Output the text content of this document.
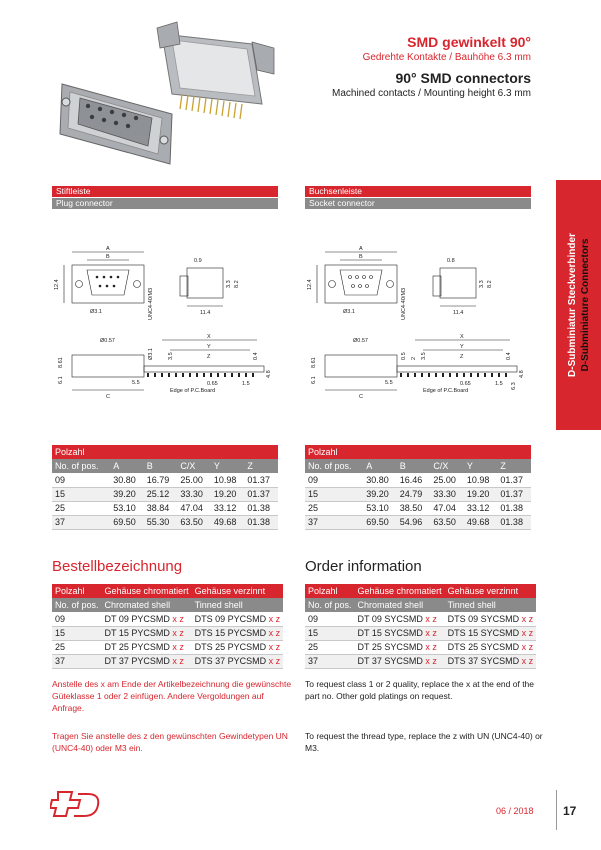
SMD gewinkelt 90°
Gedrehte Kontakte / Bauhöhe 6.3 mm
90° SMD connectors
Machined contacts / Mounting height 6.3 mm
D-Subminiatur Steckverbinder D-Subminiature Connectors
Stiftleiste
Plug connector
Buchsenleiste
Socket connector
A
B
12.4
Ø3.1	UNC4-40/M3
0.9
11.4
3.3 8.2
Ø0.57
X
Y
Z
C
8.61
6.1	5.5	0.65	1.5
Edge of P.C.Board
Ø3.1	3.5	0.4
4.8
A
B
12.4
Ø3.1	UNC4-40/M3
0.8
11.4
3.3 8.2
Ø0.57
X
Y
Z
C
8.61
6.1	5.5	0.65	1.5
Edge of P.C.Board
0.5	3.5
2	0.4
4.8
6.3
Polzahl					
No. of pos.	A	B	C/X	Y	Z
09	30.80	16.79	25.00	10.98	01.37
15	39.20	25.12	33.30	19.20	01.37
25	53.10	38.84	47.04	33.12	01.38
37	69.50	55.30	63.50	49.68	01.38
Polzahl					
No. of pos.	A	B	C/X	Y	Z
09	30.80	16.46	25.00	10.98	01.37
15	39.20	24.79	33.30	19.20	01.37
25	53.10	38.50	47.04	33.12	01.38
37	69.50	54.96	63.50	49.68	01.38
Bestellbezeichnung
Polzahl	Gehäuse chromatiert	Gehäuse verzinnt
No. of pos.	Chromated shell	Tinned shell
09	DT 09 PYCSMD x z	DTS 09 PYCSMD x z
15	DT 15 PYCSMD x z	DTS 15 PYCSMD x z
25	DT 25 PYCSMD x z	DTS 25 PYCSMD x z
37	DT 37 PYCSMD x z	DTS 37 PYCSMD x z
Anstelle des x am Ende der Artikelbezeichnung die gewünschte Güteklasse 1 oder 2 einfügen. Andere Vergoldungen auf Anfrage.
Tragen Sie anstelle des z den gewünschten Gewindetypen UN (UNC4-40) oder M3 ein.
Order information
Polzahl	Gehäuse chromatiert	Gehäuse verzinnt
No. of pos.	Chromated shell	Tinned shell
09	DT 09 SYCSMD x z	DTS 09 SYCSMD x z
15	DT 15 SYCSMD x z	DTS 15 SYCSMD x z
25	DT 25 SYCSMD x z	DTS 25 SYCSMD x z
37	DT 37 SYCSMD x z	DTS 37 SYCSMD x z
To request class 1 or 2 quality, replace the x at the end of the part no. Other gold platings on request.
To request the thread type, replace the z with UN (UNC4-40) or M3.
06 / 2018 17
